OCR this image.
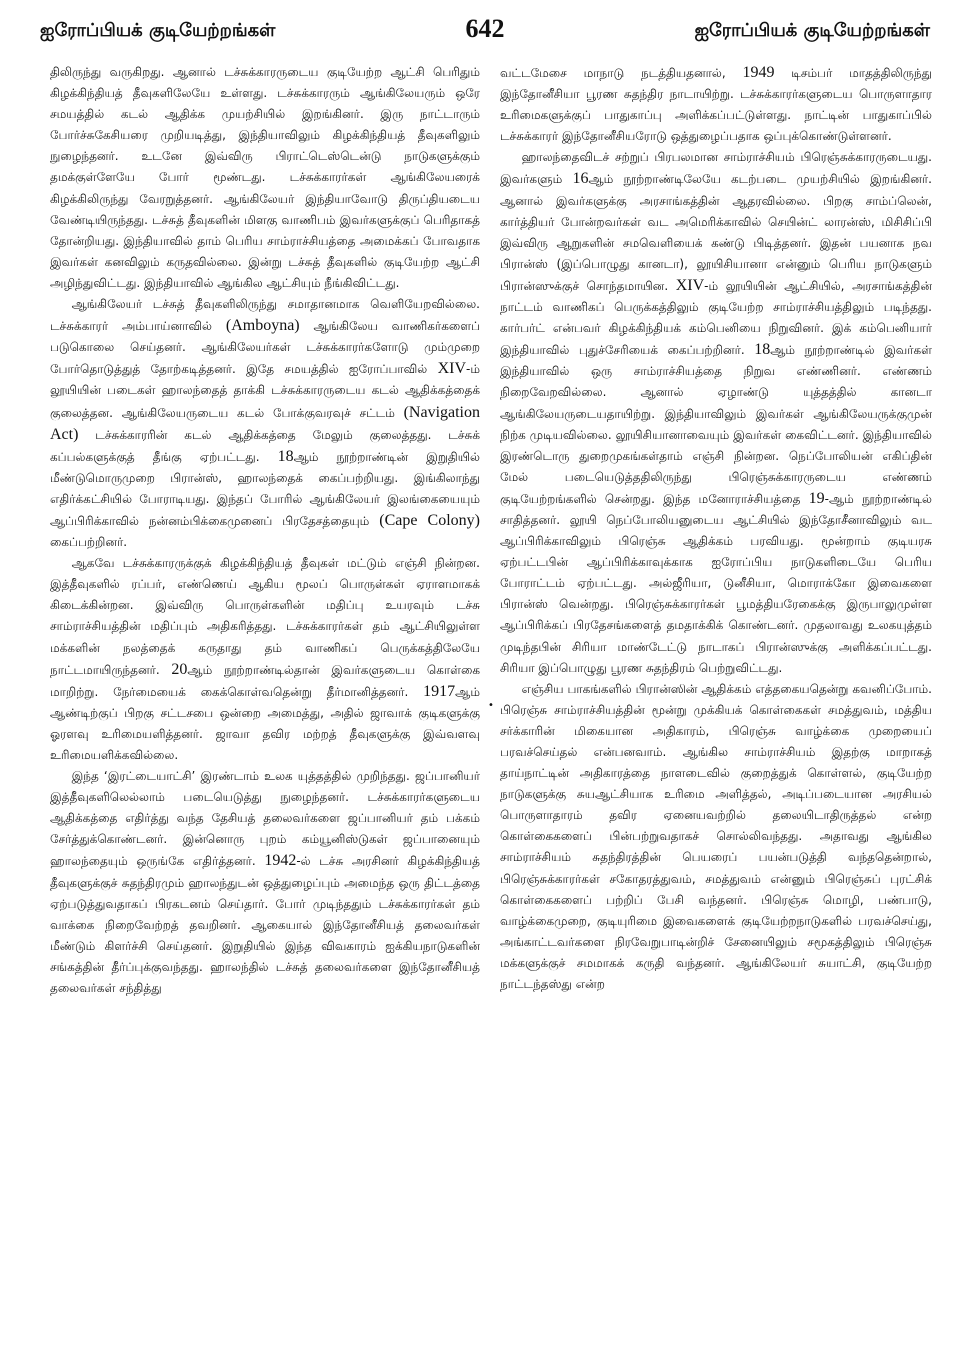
ஐரோப்பியக் குடியேற்றங்கள்	642	ஐரோப்பியக் குடியேற்றங்கள்

திலிருந்து வருகிறது. ஆனால் டச்சுக்காரருடைய குடியேற்ற ஆட்சி பெரிதும் கிழக்கிந்தியத் தீவுகளிலேயே உள்ளது. டச்சுக்காரரும் ஆங்கிலேயரும் ஒரே சமயத்தில் கடல் ஆதிக்க முயற்சியில் இறங்கினர். இரு நாட்டாரும் போர்ச்சுகேசியரை முறியடித்து, இந்தியாவிலும் கிழக்கிந்தியத் தீவுகளிலும் நுழைந்தனர். உடனே இவ்விரு பிராட்டெஸ்டென்டு நாடுகளுக்கும் தமக்குள்ளேயே போர் மூண்டது. டச்சுக்காரர்கள் ஆங்கிலேயரைக் கிழக்கிலிருந்து வேரறுத்தனர். ஆங்கிலேயர் இந்தியாவோடு திருப்தியடைய வேண்டியிருந்தது. டச்சுத் தீவுகளின் மிளகு வாணிபம் இவர்களுக்குப் பெரிதாகத் தோன்றியது. இந்தியாவில் தாம் பெரிய சாம்ராச்சியத்தை அமைக்கப் போவதாக இவர்கள் கனவிலும் கருதவில்லை. இன்று டச்சுத் தீவுகளில் குடியேற்ற ஆட்சி அழிந்துவிட்டது. இந்தியாவில் ஆங்கில ஆட்சியும் நீங்கிவிட்டது.

ஆங்கிலேயர் டச்சுத் தீவுகளிலிருந்து சமாதானமாக வெளியேறவில்லை. டச்சுக்காரர் அம்பாய்னாவில் (Amboyna) ஆங்கிலேய வாணிகர்களைப் படுகொலை செய்தனர். ஆங்கிலேயர்கள் டச்சுக்காரர்களோடு மும்முறை போர்தொடுத்துத் தோற்கடித்தனர். இதே சமயத்தில் ஐரோப்பாவில் XIV-ம் லூயியின் படைகள் ஹாலந்தைத் தாக்கி டச்சுக்காரருடைய கடல் ஆதிக்கத்தைக் குலைத்தன. ஆங்கிலேயருடைய கடல் போக்குவரவுச் சட்டம் (Navigation Act) டச்சுக்காரரின் கடல் ஆதிக்கத்தை மேலும் குலைத்தது. டச்சுக் கப்பல்களுக்குத் தீங்கு ஏற்பட்டது. 18ஆம் நூற்றாண்டின் இறுதியில் மீண்டுமொருமுறை பிரான்ஸ், ஹாலந்தைக் கைப்பற்றியது. இங்கிலாந்து எதிர்க்கட்சியில் போராடியது. இந்தப் போரில் ஆங்கிலேயர் இலங்கையையும் ஆப்பிரிக்காவில் நன்னம்பிக்கைமுனைப் பிரதேசத்தையும் (Cape Colony) கைப்பற்றினர்.

ஆகவே டச்சுக்காரருக்குக் கிழக்கிந்தியத் தீவுகள் மட்டும் எஞ்சி நின்றன. இத்தீவுகளில் ரப்பர், எண்ணெய் ஆகிய மூலப் பொருள்கள் ஏராளமாகக் கிடைக்கின்றன. இவ்விரு பொருள்களின் மதிப்பு உயரவும் டச்சு சாம்ராச்சியத்தின் மதிப்பும் அதிகரித்தது. டச்சுக்காரர்கள் தம் ஆட்சியிலுள்ள மக்களின் நலத்தைக் கருதாது தம் வாணிகப் பெருக்கத்திலேயே நாட்டமாயிருந்தனர். 20ஆம் நூற்றாண்டில்தான் இவர்களுடைய கொள்கை மாறிற்று. நேர்மையைக் கைக்கொள்வதென்று தீர்மானித்தனர். 1917ஆம் ஆண்டிற்குப் பிறகு சட்டசபை ஒன்றை அமைத்து, அதில் ஜாவாக் குடிகளுக்கு ஓரளவு உரிமையளித்தனர். ஜாவா தவிர மற்றத் தீவுகளுக்கு இவ்வளவு உரிமையளிக்கவில்லை.

இந்த ‘இரட்டையாட்சி’ இரண்டாம் உலக யுத்தத்தில் முறிந்தது. ஜப்பானியர் இத்தீவுகளிலெல்லாம் படையெடுத்து நுழைந்தனர். டச்சுக்காரர்களுடைய ஆதிக்கத்தை எதிர்த்து வந்த தேசியத் தலைவர்களை ஜப்பானியர் தம் பக்கம் சேர்த்துக்கொண்டனர். இன்னொரு புறம் கம்யூனிஸ்டுகள் ஜப்பானையும் ஹாலந்தையும் ஒருங்கே எதிர்த்தனர். 1942-ல் டச்சு அரசினர் கிழக்கிந்தியத் தீவுகளுக்குச் சுதந்திரமும் ஹாலந்துடன் ஒத்துழைப்பும் அமைந்த ஒரு திட்டத்தை ஏற்படுத்துவதாகப் பிரகடனம் செய்தார். போர் முடிந்ததும் டச்சுக்காரர்கள் தம் வாக்கை நிறைவேற்றத் தவறினர். ஆகையால் இந்தோனீசியத் தலைவர்கள் மீண்டும் கிளர்ச்சி செய்தனர். இறுதியில் இந்த விவகாரம் ஐக்கியநாடுகளின் சங்கத்தின் தீர்ப்புக்குவந்தது. ஹாலந்தில் டச்சுத் தலைவர்களை இந்தோனீசியத் தலைவர்கள் சந்தித்து

வட்டமேசை மாநாடு நடத்தியதனால், 1949 டிசம்பர் மாதத்திலிருந்து இந்தோனீசியா பூரண சுதந்திர நாடாயிற்று. டச்சுக்காரர்களுடைய பொருளாதார உரிமைகளுக்குப் பாதுகாப்பு அளிக்கப்பட்டுள்ளது. நாட்டின் பாதுகாப்பில் டச்சுக்காரர் இந்தோனீசியரோடு ஒத்துழைப்பதாக ஒப்புக்கொண்டுள்ளனர்.

ஹாலந்தைவிடச் சற்றுப் பிரபலமான சாம்ராச்சியம் பிரெஞ்சுக்காரருடையது. இவர்களும் 16ஆம் நூற்றாண்டிலேயே கடற்படை முயற்சியில் இறங்கினர். ஆனால் இவர்களுக்கு அரசாங்கத்தின் ஆதரவில்லை. பிறகு சாம்ப்லென், கார்த்தியர் போன்றவர்கள் வட அமெரிக்காவில் செயின்ட் லாரன்ஸ், மிசிசிப்பி இவ்விரு ஆறுகளின் சமவெளியைக் கண்டு பிடித்தனர். இதன் பயனாக நவ பிரான்ஸ் (இப்பொழுது கானடா), லூயிசியானா என்னும் பெரிய நாடுகளும் பிரான்ஸுக்குச் சொந்தமாயின. XIV-ம் லூயியின் ஆட்சியில், அரசாங்கத்தின் நாட்டம் வாணிகப் பெருக்கத்திலும் குடியேற்ற சாம்ராச்சியத்திலும் படிந்தது. கார்பர்ட் என்பவர் கிழக்கிந்தியக் கம்பெனியை நிறுவினர். இக் கம்பெனியார் இந்தியாவில் புதுச்சேரியைக் கைப்பற்றினர். 18ஆம் நூற்றாண்டில் இவர்கள் இந்தியாவில் ஒரு சாம்ராச்சியத்தை நிறுவ எண்ணினர். எண்ணம் நிறைவேறவில்லை. ஆனால் ஏழாண்டு யுத்தத்தில் கானடா ஆங்கிலேயருடையதாயிற்று. இந்தியாவிலும் இவர்கள் ஆங்கிலேயருக்குமுன் நிற்க முடியவில்லை. லூயிசியானாவையும் இவர்கள் கைவிட்டனர். இந்தியாவில் இரண்டொரு துறைமுகங்கள்தாம் எஞ்சி நின்றன. நெப்போலியன் எகிப்தின் மேல் படையெடுத்ததிலிருந்து பிரெஞ்சுக்காரருடைய எண்ணம் குடியேற்றங்களில் சென்றது. இந்த மனோராச்சியத்தை 19-ஆம் நூற்றாண்டில் சாதித்தனர். லூயி நெப்போலியனுடைய ஆட்சியில் இந்தோசீனாவிலும் வட ஆப்பிரிக்காவிலும் பிரெஞ்சு ஆதிக்கம் பரவியது. மூன்றாம் குடியரசு ஏற்பட்டபின் ஆப்பிரிக்காவுக்காக ஐரோப்பிய நாடுகளிடையே பெரிய போராட்டம் ஏற்பட்டது. அல்ஜீரியா, டுனீசியா, மொராக்கோ இவைகளை பிரான்ஸ் வென்றது. பிரெஞ்சுக்காரர்கள் பூமத்தியரேகைக்கு இருபாலுமுள்ள ஆப்பிரிக்கப் பிரதேசங்களைத் தமதாக்கிக் கொண்டனர். முதலாவது உலகயுத்தம் முடிந்தபின் சிரியா மாண்டேட்டு நாடாகப் பிரான்ஸுக்கு அளிக்கப்பட்டது. சிரியா இப்பொழுது பூரண சுதந்திரம் பெற்றுவிட்டது.

எஞ்சிய பாகங்களில் பிரான்ஸின் ஆதிக்கம் எத்தகையதென்று கவனிப்போம். பிரெஞ்சு சாம்ராச்சியத்தின் மூன்று முக்கியக் கொள்கைகள் சமத்துவம், மத்திய சர்க்காரின் மிகையான அதிகாரம், பிரெஞ்சு வாழ்க்கை முறையைப் பரவச்செய்தல் என்பனவாம். ஆங்கில சாம்ராச்சியம் இதற்கு மாறாகத் தாய்நாட்டின் அதிகாரத்தை நாளடைவில் குறைத்துக் கொள்ளல், குடியேற்ற நாடுகளுக்கு சுயஆட்சியாக உரிமை அளித்தல், அடிப்படையான அரசியல் பொருளாதாரம் தவிர ஏனையவற்றில் தலையிடாதிருத்தல் என்ற கொள்கைகளைப் பின்பற்றுவதாகச் சொல்லிவந்தது. அதாவது ஆங்கில சாம்ராச்சியம் சுதந்திரத்தின் பெயரைப் பயன்படுத்தி வந்ததென்றால், பிரெஞ்சுக்காரர்கள் சகோதரத்துவம், சமத்துவம் என்னும் பிரெஞ்சுப் புரட்சிக் கொள்கைகளைப் பற்றிப் பேசி வந்தனர். பிரெஞ்சு மொழி, பண்பாடு, வாழ்க்கைமுறை, குடியுரிமை இவைகளைக் குடியேற்றநாடுகளில் பரவச்செய்து, அங்காட்டவர்களை நிரவேறுபாடின்றிச் சேனையிலும் சமூகத்திலும் பிரெஞ்சு மக்களுக்குச் சமமாகக் கருதி வந்தனர். ஆங்கிலேயர் சுயாட்சி, குடியேற்ற நாட்டந்தஸ்து என்ற

•
